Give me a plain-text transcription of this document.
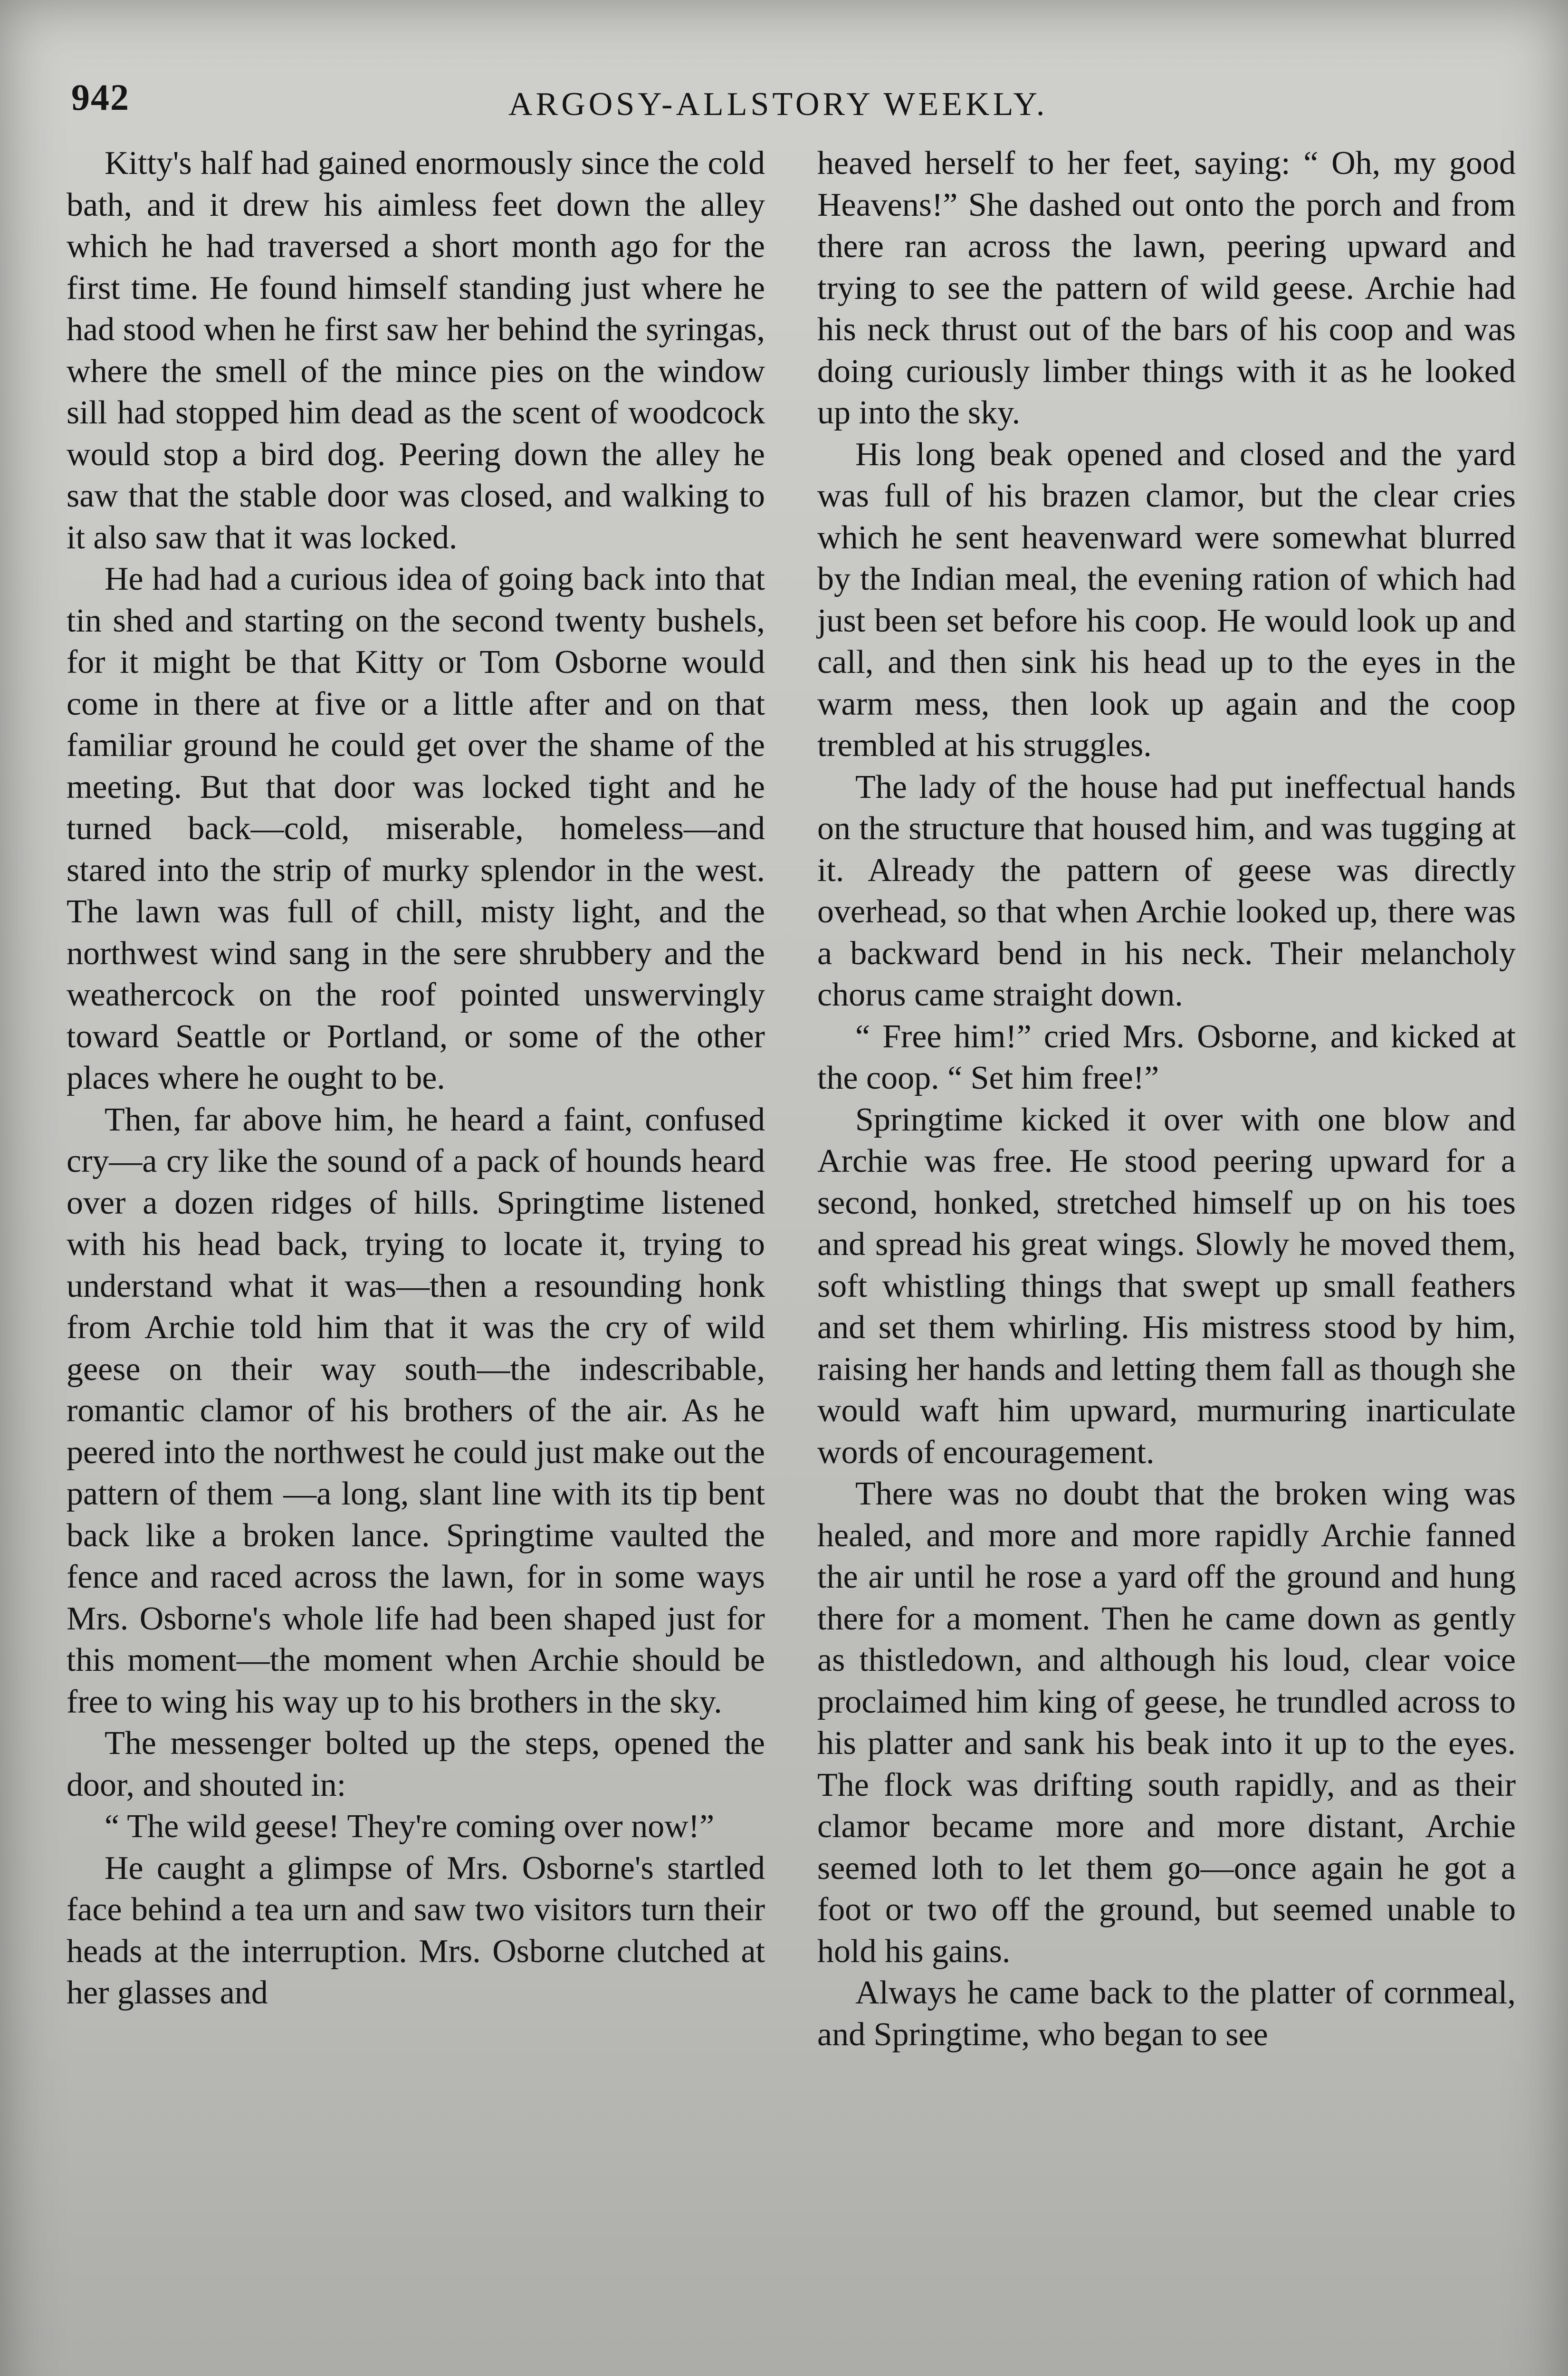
942	ARGOSY-ALLSTORY WEEKLY.

Kitty's half had gained enormously since the cold bath, and it drew his aimless feet down the alley which he had traversed a short month ago for the first time. He found himself standing just where he had stood when he first saw her behind the syringas, where the smell of the mince pies on the window sill had stopped him dead as the scent of woodcock would stop a bird dog. Peering down the alley he saw that the stable door was closed, and walking to it also saw that it was locked.

He had had a curious idea of going back into that tin shed and starting on the second twenty bushels, for it might be that Kitty or Tom Osborne would come in there at five or a little after and on that familiar ground he could get over the shame of the meeting. But that door was locked tight and he turned back—cold, miserable, homeless—and stared into the strip of murky splendor in the west. The lawn was full of chill, misty light, and the northwest wind sang in the sere shrubbery and the weathercock on the roof pointed unswervingly toward Seattle or Portland, or some of the other places where he ought to be.

Then, far above him, he heard a faint, confused cry—a cry like the sound of a pack of hounds heard over a dozen ridges of hills. Springtime listened with his head back, trying to locate it, trying to understand what it was—then a resounding honk from Archie told him that it was the cry of wild geese on their way south—the indescribable, romantic clamor of his brothers of the air. As he peered into the northwest he could just make out the pattern of them —a long, slant line with its tip bent back like a broken lance. Springtime vaulted the fence and raced across the lawn, for in some ways Mrs. Osborne's whole life had been shaped just for this moment—the moment when Archie should be free to wing his way up to his brothers in the sky.

The messenger bolted up the steps, opened the door, and shouted in:

“ The wild geese! They're coming over now!”

He caught a glimpse of Mrs. Osborne's startled face behind a tea urn and saw two visitors turn their heads at the interruption. Mrs. Osborne clutched at her glasses and

heaved herself to her feet, saying: “ Oh, my good Heavens!” She dashed out onto the porch and from there ran across the lawn, peering upward and trying to see the pattern of wild geese. Archie had his neck thrust out of the bars of his coop and was doing curiously limber things with it as he looked up into the sky.

His long beak opened and closed and the yard was full of his brazen clamor, but the clear cries which he sent heavenward were somewhat blurred by the Indian meal, the evening ration of which had just been set before his coop. He would look up and call, and then sink his head up to the eyes in the warm mess, then look up again and the coop trembled at his struggles.

The lady of the house had put ineffectual hands on the structure that housed him, and was tugging at it. Already the pattern of geese was directly overhead, so that when Archie looked up, there was a backward bend in his neck. Their melancholy chorus came straight down.

“ Free him!” cried Mrs. Osborne, and kicked at the coop. “ Set him free!”

Springtime kicked it over with one blow and Archie was free. He stood peering upward for a second, honked, stretched himself up on his toes and spread his great wings. Slowly he moved them, soft whistling things that swept up small feathers and set them whirling. His mistress stood by him, raising her hands and letting them fall as though she would waft him upward, murmuring inarticulate words of encouragement.

There was no doubt that the broken wing was healed, and more and more rapidly Archie fanned the air until he rose a yard off the ground and hung there for a moment. Then he came down as gently as thistledown, and although his loud, clear voice proclaimed him king of geese, he trundled across to his platter and sank his beak into it up to the eyes. The flock was drifting south rapidly, and as their clamor became more and more distant, Archie seemed loth to let them go—once again he got a foot or two off the ground, but seemed unable to hold his gains.

Always he came back to the platter of cornmeal, and Springtime, who began to see
